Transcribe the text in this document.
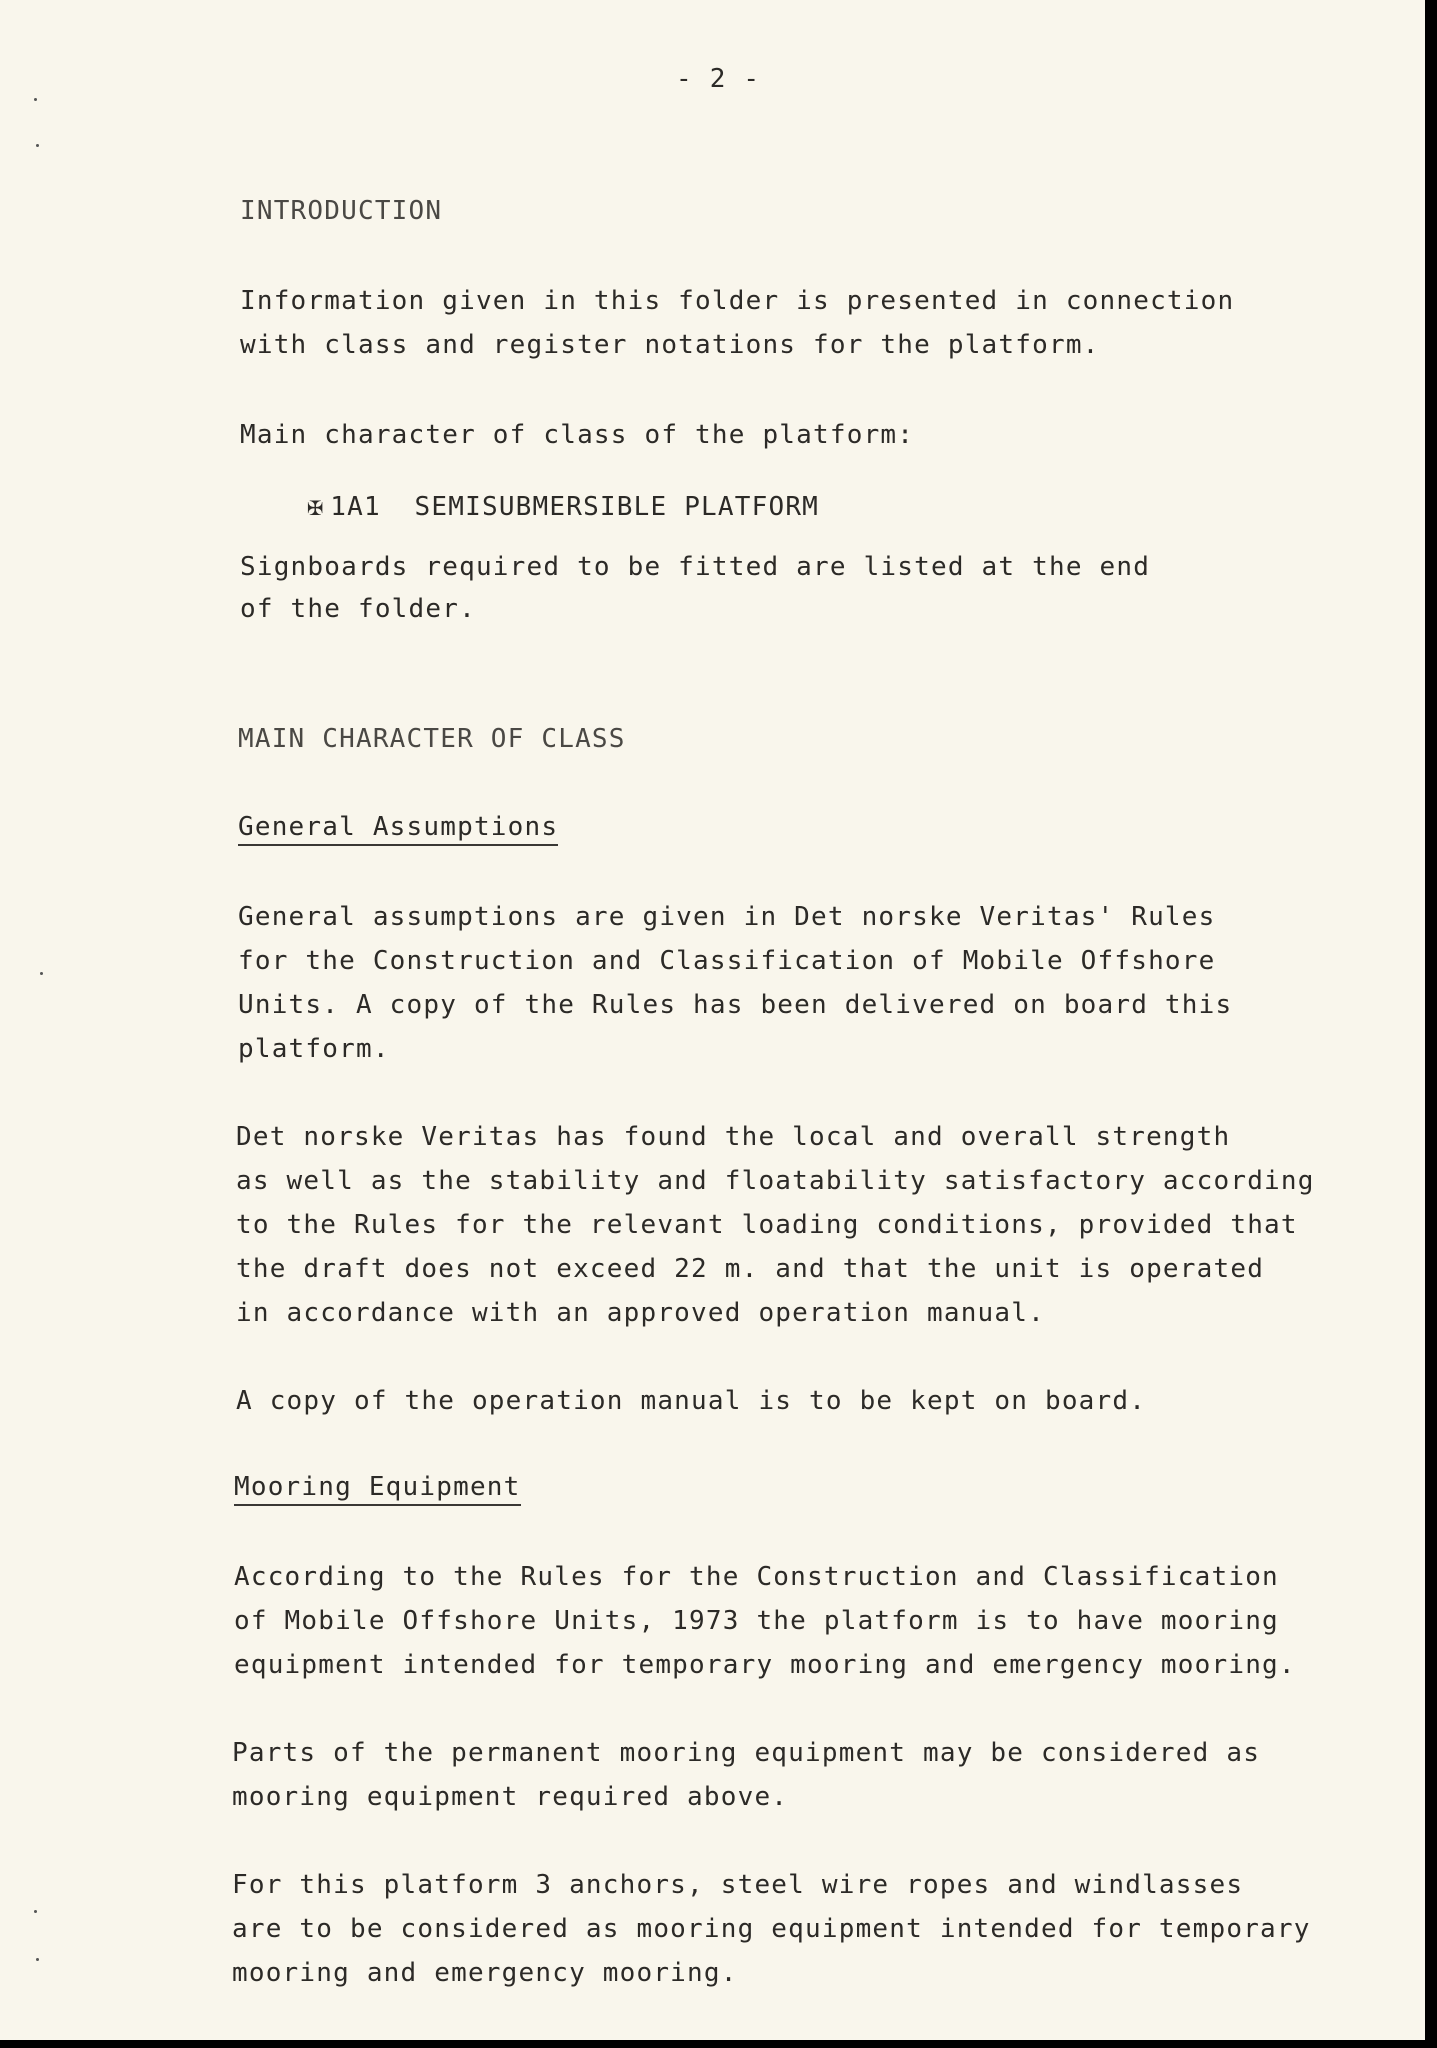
- 2 -
INTRODUCTION
Information given in this folder is presented in connection
with class and register notations for the platform.
Main character of class of the platform:

✠ 1A1  SEMISUBMERSIBLE PLATFORM

Signboards required to be fitted are listed at the end
of the folder.
MAIN CHARACTER OF CLASS
General Assumptions
General assumptions are given in Det norske Veritas' Rules
for the Construction and Classification of Mobile Offshore
Units. A copy of the Rules has been delivered on board this
platform.
Det norske Veritas has found the local and overall strength
as well as the stability and floatability satisfactory according
to the Rules for the relevant loading conditions, provided that
the draft does not exceed 22 m. and that the unit is operated
in accordance with an approved operation manual.
A copy of the operation manual is to be kept on board.
Mooring Equipment
According to the Rules for the Construction and Classification
of Mobile Offshore Units, 1973 the platform is to have mooring
equipment intended for temporary mooring and emergency mooring.
Parts of the permanent mooring equipment may be considered as
mooring equipment required above.
For this platform 3 anchors, steel wire ropes and windlasses
are to be considered as mooring equipment intended for temporary
mooring and emergency mooring.
